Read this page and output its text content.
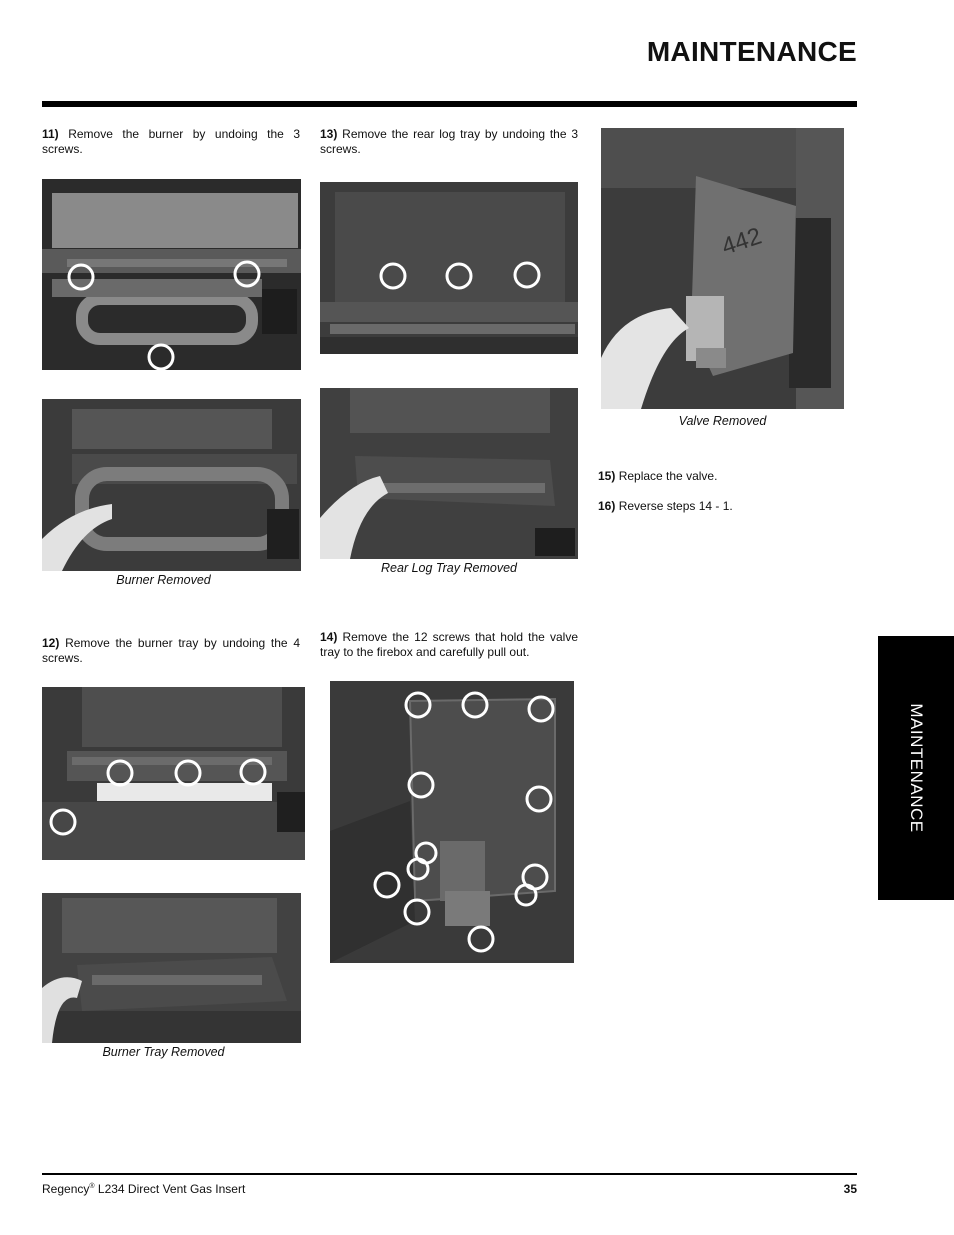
MAINTENANCE
11) Remove the burner by undoing the 3 screws.
Burner Removed
12) Remove the burner tray by undoing the 4 screws.
Burner Tray Removed
13) Remove the rear log tray by undoing the 3 screws.
Rear Log Tray Removed
14) Remove the 12 screws that hold the valve tray to the firebox and carefully pull out.
442
Valve Removed
15) Replace the valve.
16) Reverse steps 14 - 1.
MAINTENANCE
Regency® L234 Direct Vent Gas Insert	35
